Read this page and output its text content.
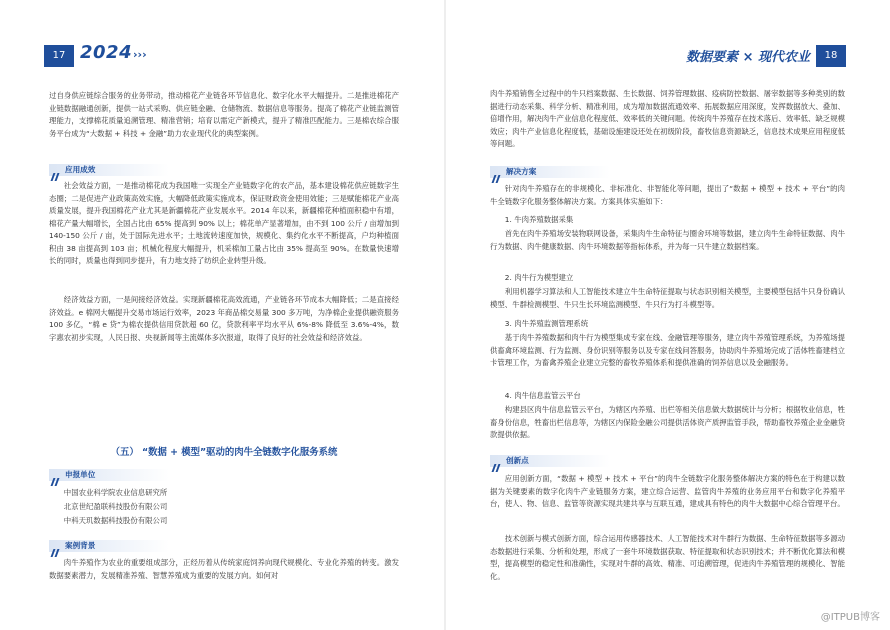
17 2024 ›››

过自身供应链综合服务的业务带动，推动棉花产业链各环节信息化、数字化水平大幅提升。二是推进棉花产业链数据融通创新，提供一站式采购、供应链金融、仓储物流、数据信息等服务。提高了棉花产业链监测管理能力，支撑棉花质量追溯管理、精准营销；培育以需定产新模式，提升了精准匹配能力。三是棉农综合服务平台成为“大数据 + 科技 + 金融”助力农业现代化的典型案例。

应用成效

社会效益方面，一是推动棉花成为我国唯一实现全产业链数字化的农产品，基本建设棉花供应链数字生态圈；二是促进产业政策高效实施，大幅降低政策实施成本，保证财政资金使用效能；三是赋能棉花产业高质量发展，提升我国棉花产业尤其是新疆棉花产业发展水平。2014 年以来，新疆棉花种植面积稳中有增，棉花产量大幅增长，全国占比由 65% 提高到 90% 以上；棉花单产显著增加，由不到 100 公斤 / 亩增加到 140-150 公斤 / 亩，处于国际先进水平；土地流转速度加快，规模化、集约化水平不断提高，户均种植面积由 38 亩提高到 103 亩；机械化程度大幅提升，机采棉加工量占比由 35% 提高至 90%。在数量快速增长的同时，质量也得到同步提升，有力地支持了纺织企业转型升级。

经济效益方面，一是间接经济效益。实现新疆棉花高效流通，产业链各环节成本大幅降低；二是直接经济效益。e 棉网大幅提升交易市场运行效率，2023 年商品棉交易量 300 多万吨，为净棉企业提供融资服务 100 多亿，“棉 e 贷”为棉农提供信用贷款超 60 亿，贷款利率平均水平从 6%-8% 降低至 3.6%-4%，数字惠农初步实现，人民日报、央视新闻等主流媒体多次报道，取得了良好的社会效益和经济效益。

（五） “数据 + 模型”驱动的肉牛全链数字化服务系统
申报单位

中国农业科学院农业信息研究所

北京世纪盈联科技股份有限公司

中科天玑数据科技股份有限公司

案例背景

肉牛养殖作为农业的重要组成部分，正经历着从传统家庭饲养向现代规模化、专业化养殖的转变。激发数据要素潜力，发展精准养殖、智慧养殖成为重要的发展方向。如何对

数据要素 × 现代农业	18

肉牛养殖销售全过程中的牛只档案数据、生长数据、饲养管理数据、疫病防控数据、屠宰数据等多种类别的数据进行动态采集、科学分析、精准利用，成为增加数据流通效率、拓展数据应用深度，发挥数据放大、叠加、倍增作用，解决肉牛产业信息化程度低、效率低的关键问题。传统肉牛养殖存在技术落后、效率低、缺乏规模效应；肉牛产业信息化程度低，基础设施建设还处在初级阶段，畜牧信息资源缺乏，信息技术成果应用程度低等问题。

解决方案

针对肉牛养殖存在的非规模化、非标准化、非智能化等问题，提出了“数据 + 模型 + 技术 + 平台”的肉牛全链数字化服务整体解决方案。方案具体实施如下：

1. 牛肉养殖数据采集

首先在肉牛养殖场安装物联网设备，采集肉牛生命特征与圈舍环境等数据，建立肉牛生命特征数据、肉牛行为数据、肉牛健康数据、肉牛环境数据等指标体系，并为每一只牛建立数据档案。

2. 肉牛行为模型建立

利用机器学习算法和人工智能技术建立牛生命特征提取与状态识别相关模型，主要模型包括牛只身份确认模型、牛群检测模型、牛只生长环境监测模型、牛只行为打斗模型等。

3. 肉牛养殖监测管理系统

基于肉牛养殖数据和肉牛行为模型集成专家在线、金融管理等服务，建立肉牛养殖管理系统，为养殖场提供畜禽环境监测、行为监测、身份识别等服务以及专家在线问答服务，协助肉牛养殖场完成了活体牲畜建档立卡管理工作，为畜禽养殖企业建立完整的畜牧养殖体系和提供准确的饲养信息以及金融服务。

4. 肉牛信息监管云平台

构建县区肉牛信息监管云平台，为辖区内养殖、出栏等相关信息做大数据统计与分析；根据牧业信息，牲畜身份信息，牲畜出栏信息等，为辖区内保险金融公司提供活体资产质押监管手段，帮助畜牧养殖企业金融贷款提供依据。

创新点

应用创新方面，“数据 + 模型 + 技术 + 平台”的肉牛全链数字化服务整体解决方案的特色在于构建以数据为关键要素的数字化肉牛产业链服务方案，建立综合运营、监管肉牛养殖的业务应用平台和数字化养殖平台，使人、物、信息、监管等资源实现共建共享与互联互通，建成具有特色的肉牛大数据中心综合管理平台。

技术创新与模式创新方面，综合运用传感器技术、人工智能技术对牛群行为数据、生命特征数据等多源动态数据进行采集、分析和处理，形成了一套牛环境数据获取、特征提取和状态识别技术；并不断优化算法和模型，提高模型的稳定性和准确性，实现对牛群的高效、精准、可追溯管理，促进肉牛养殖管理的规模化、智能化。

@ITPUB博客
